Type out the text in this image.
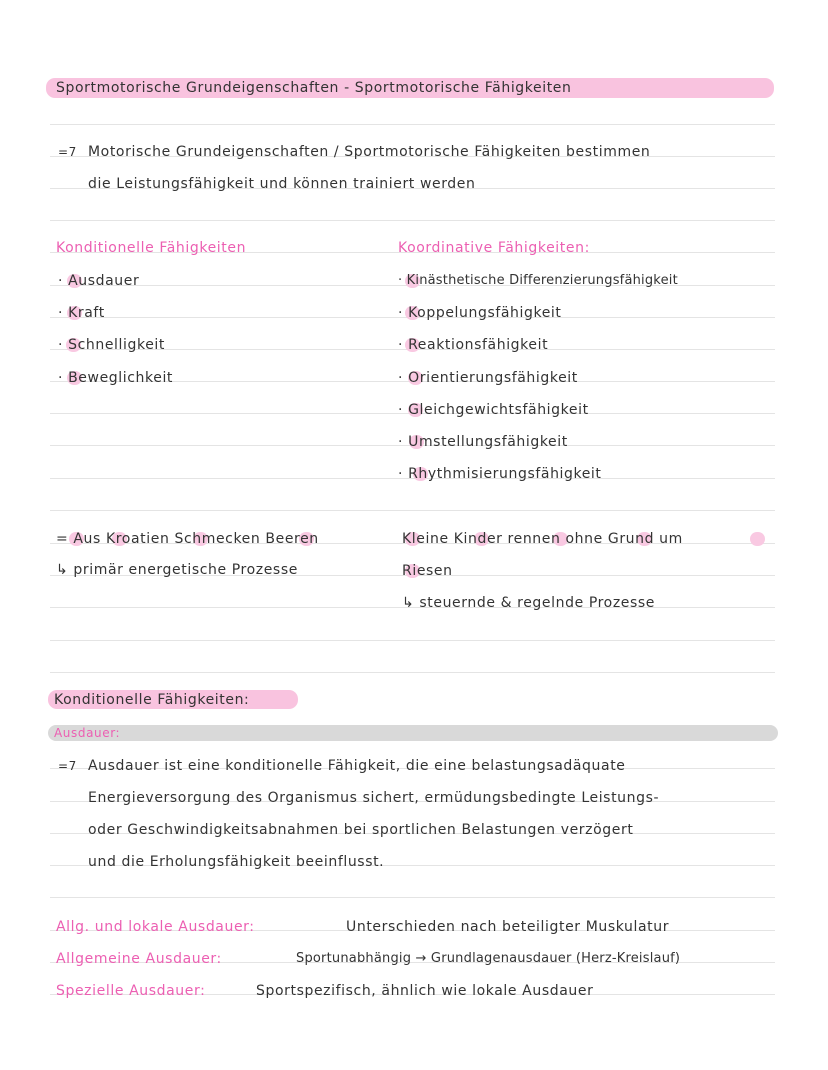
Sportmotorische Grundeigenschaften - Sportmotorische Fähigkeiten
=7 Motorische Grundeigenschaften / Sportmotorische Fähigkeiten bestimmen
die Leistungsfähigkeit und können trainiert werden
Konditionelle Fähigkeiten
· Ausdauer
· Kraft
· Schnelligkeit
· Beweglichkeit
= Aus Kroatien Schmecken Beeren
↳ primär energetische Prozesse
Koordinative Fähigkeiten:
· Kinästhetische Differenzierungsfähigkeit
· Koppelungsfähigkeit
· Reaktionsfähigkeit
· Orientierungsfähigkeit
· Gleichgewichtsfähigkeit
· Umstellungsfähigkeit
· Rhythmisierungsfähigkeit
Kleine Kinder rennen ohne Grund um
Riesen
↳ steuernde & regelnde Prozesse
Konditionelle Fähigkeiten:
Ausdauer:
=7 Ausdauer ist eine konditionelle Fähigkeit, die eine belastungsadäquate
Energieversorgung des Organismus sichert, ermüdungsbedingte Leistungs-
oder Geschwindigkeitsabnahmen bei sportlichen Belastungen verzögert
und die Erholungsfähigkeit beeinflusst.
Allg. und lokale Ausdauer:	Unterschieden nach beteiligter Muskulatur
Allgemeine Ausdauer:	Sportunabhängig → Grundlagenausdauer (Herz-Kreislauf)
Spezielle Ausdauer:	Sportspezifisch, ähnlich wie lokale Ausdauer
